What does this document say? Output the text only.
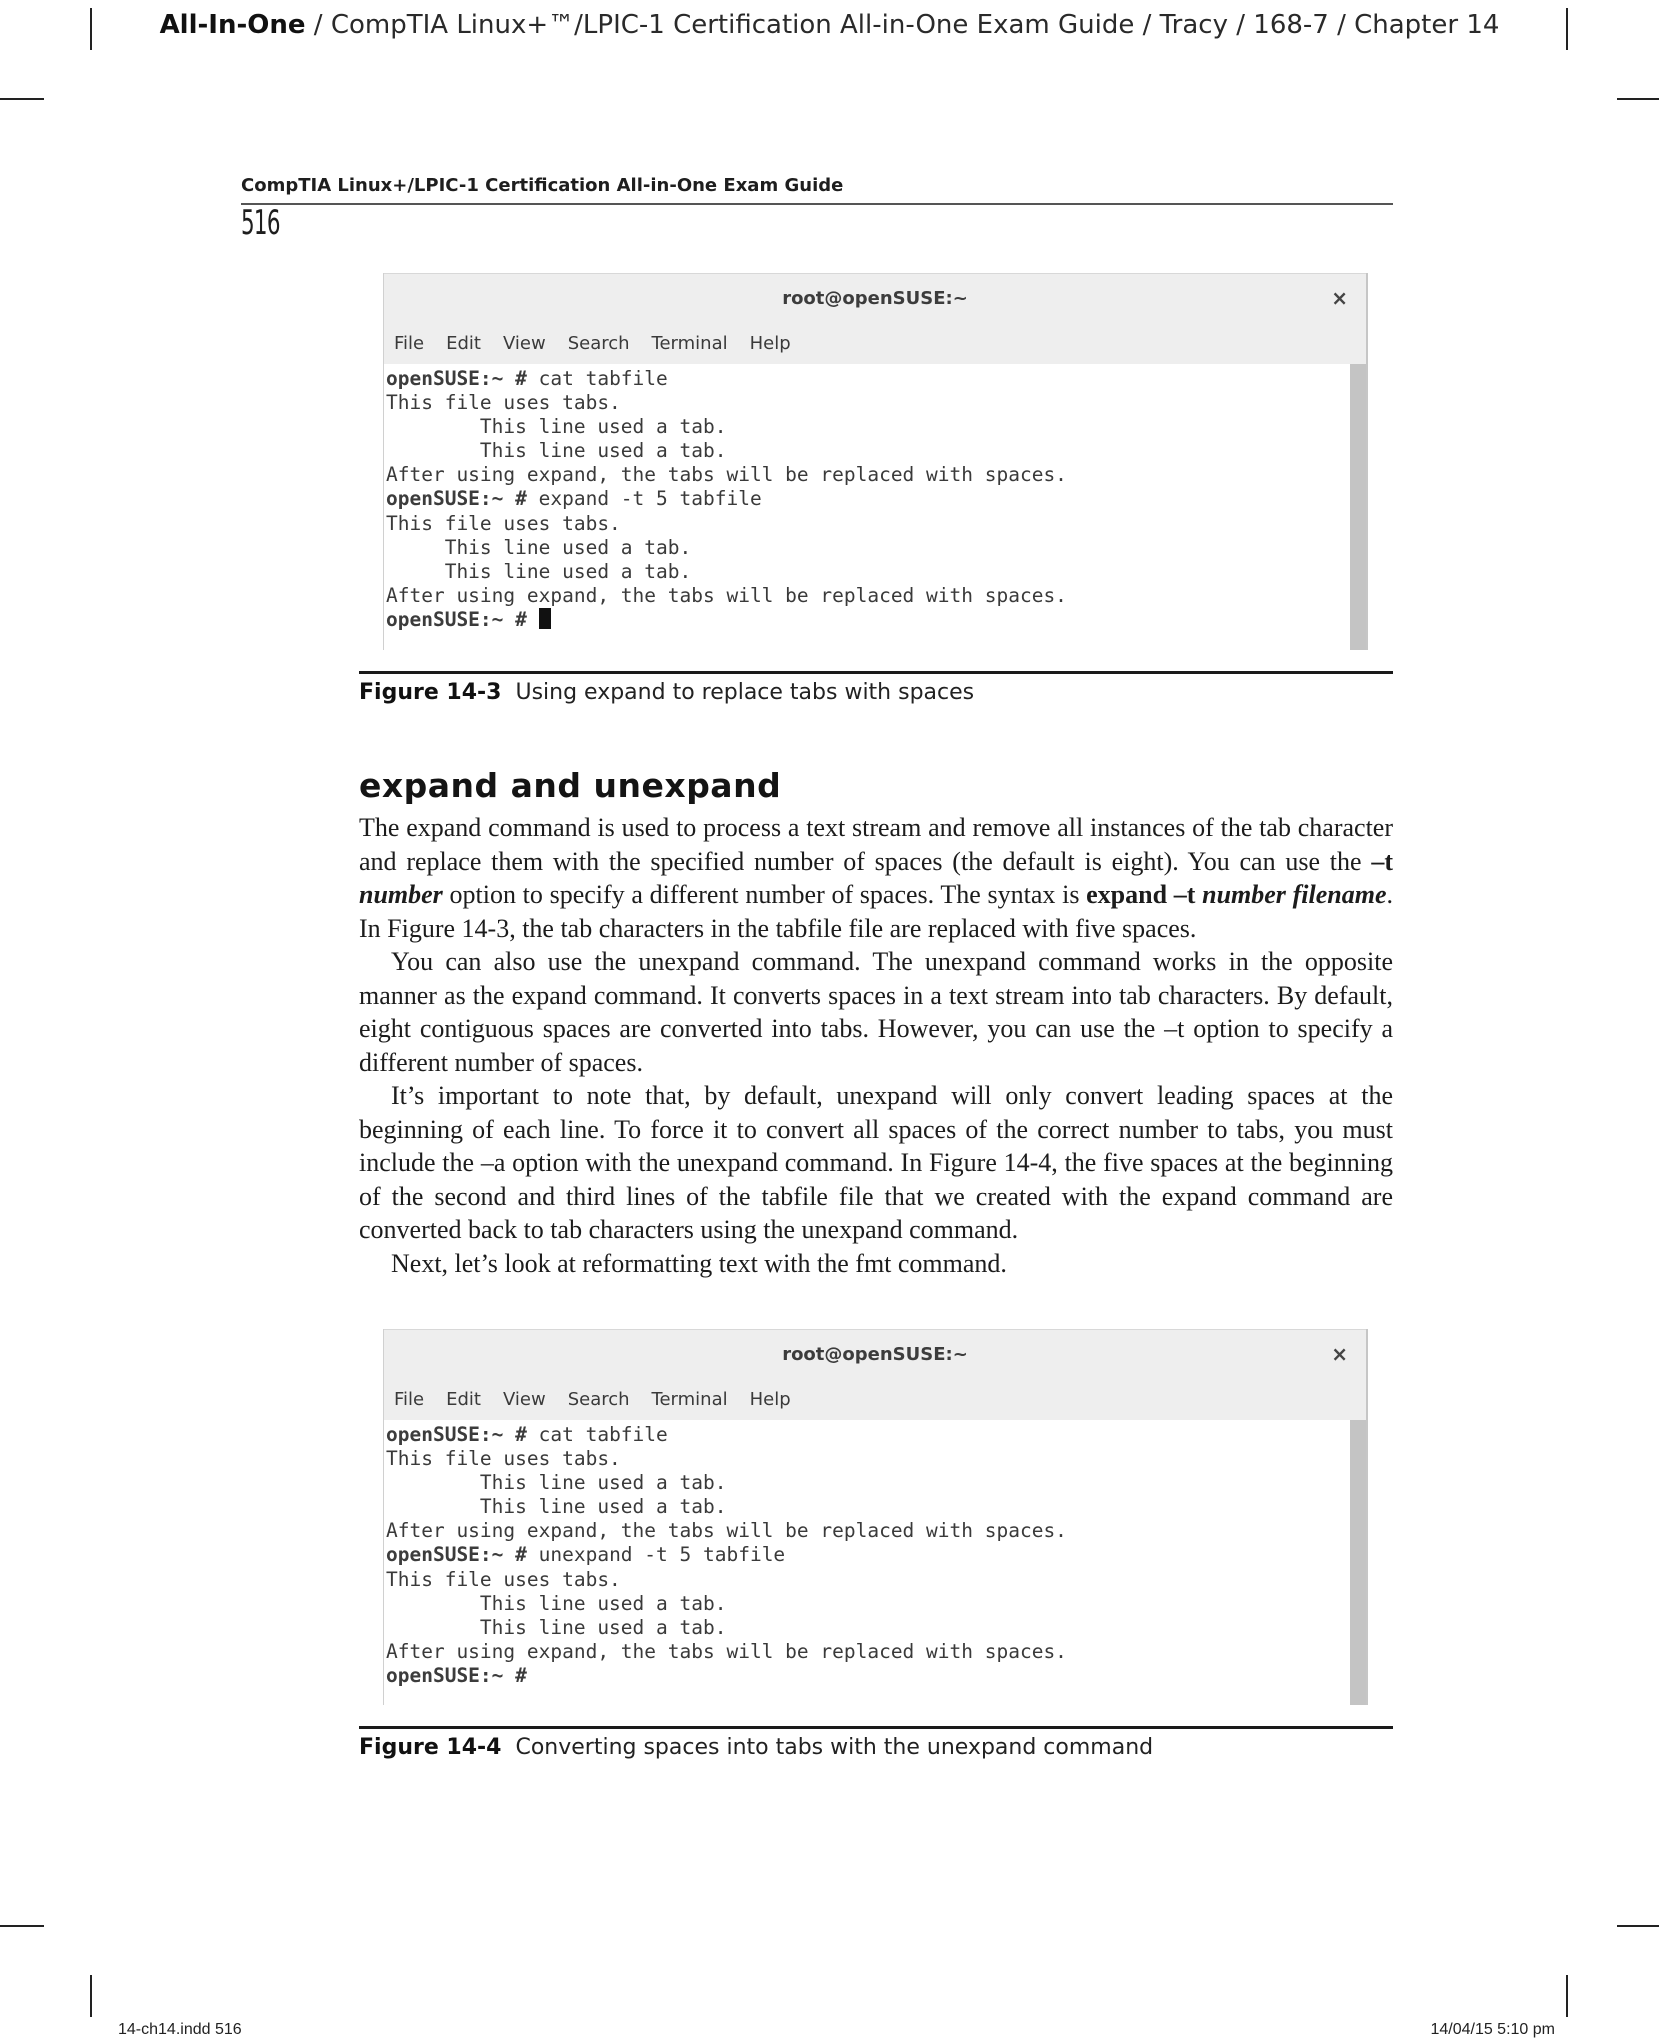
All-In-One / CompTIA Linux+™/LPIC-1 Certification All-in-One Exam Guide / Tracy / 168-7 / Chapter 14
CompTIA Linux+/LPIC-1 Certification All-in-One Exam Guide
516
root@openSUSE:~	×
File Edit View Search Terminal Help
openSUSE:~ # cat tabfile
This file uses tabs.
This line used a tab.
This line used a tab.
After using expand, the tabs will be replaced with spaces.
openSUSE:~ # expand -t 5 tabfile
This file uses tabs.
This line used a tab.
This line used a tab.
After using expand, the tabs will be replaced with spaces.
openSUSE:~ #
Figure 14-3 Using expand to replace tabs with spaces
expand and unexpand

The expand command is used to process a text stream and remove all instances of the tab character and replace them with the specified number of spaces (the default is eight). You can use the –t number option to specify a different number of spaces. The syntax is expand –t number filename. In Figure 14-3, the tab characters in the tabfile file are replaced with five spaces.

You can also use the unexpand command. The unexpand command works in the opposite manner as the expand command. It converts spaces in a text stream into tab characters. By default, eight contiguous spaces are converted into tabs. However, you can use the –t option to specify a different number of spaces.

It’s important to note that, by default, unexpand will only convert leading spaces at the beginning of each line. To force it to convert all spaces of the correct number to tabs, you must include the –a option with the unexpand command. In Figure 14-4, the five spaces at the beginning of the second and third lines of the tabfile file that we created with the expand command are converted back to tab characters using the unexpand command.

Next, let’s look at reformatting text with the fmt command.

root@openSUSE:~	×
File Edit View Search Terminal Help
openSUSE:~ # cat tabfile
This file uses tabs.
This line used a tab.
This line used a tab.
After using expand, the tabs will be replaced with spaces.
openSUSE:~ # unexpand -t 5 tabfile
This file uses tabs.
This line used a tab.
This line used a tab.
After using expand, the tabs will be replaced with spaces.
openSUSE:~ #
Figure 14-4 Converting spaces into tabs with the unexpand command
14-ch14.indd 516	14/04/15 5:10 pm
